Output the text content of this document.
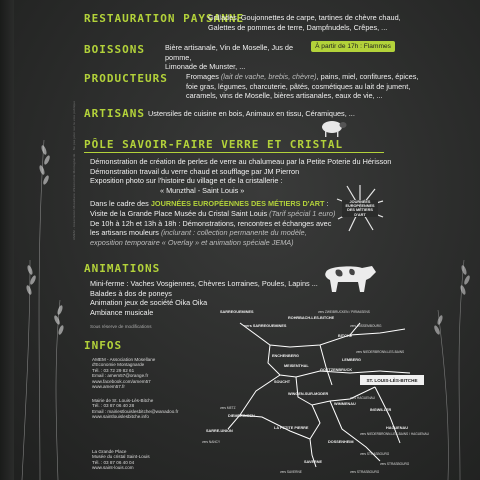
AMEM - Association Mosellane d'Economie Montagnarde · Ne pas jeter sur la voie publique
RESTAURATION PAYSANNE
Grillades, Goujonnettes de carpe, tartines de chèvre chaud,
Galettes de pommes de terre, Dampfnudels, Crêpes, ...
BOISSONS	Bière artisanale, Vin de Moselle, Jus de pomme,
Limonade de Munster, ...
À partir de 17h : Flammes
PRODUCTEURS Fromages (lait de vache, brebis, chèvre), pains, miel, confitures, épices,
foie gras, légumes, charcuterie, pâtés, cosmétiques au lait de jument,
caramels, vins de Moselle, bières artisanales, eaux de vie, ...
ARTISANS Ustensiles de cuisine en bois, Animaux en tissu, Céramiques, ...
PÔLE SAVOIR-FAIRE VERRE ET CRISTAL
Démonstration de création de perles de verre au chalumeau par la Petite Poterie du Hérisson
Démonstration travail du verre chaud et soufflage par JM Pierron
Exposition photo sur l'histoire du village et de la cristallerie :
« Munzthal - Saint Louis »
Dans le cadre des JOURNÉES EUROPÉENNES DES MÉTIERS D'ART :
Visite de la Grande Place Musée du Cristal Saint Louis (Tarif spécial 1 euro)
De 10h à 12h et 13h à 18h : Démonstrations, rencontres et échanges avec
les artisans mouleurs (inclurant : collection permanente du modèle,
exposition temporaire « Overlay » et animation spéciale JEMA)
JOURNÉES
EUROPÉENNES
DES MÉTIERS
D'ART
ANIMATIONS
Mini-ferme : Vaches Vosgiennes, Chèvres Lorraines, Poules, Lapins ...
Balades à dos de poneys
Animation jeux de société Oika Oika
Ambiance musicale
Sous réserve de modifications
INFOS
AMEM - Association Mosellane
d'Economie Montagnarde
Tél. : 03 72 29 82 61
Email : amem57@orange.fr
www.facebook.com/amem57
www.amem57.fr
Mairie de St. Louis-Lès-Bitche
Tél. : 03 87 06 40 28
Email : mairiestlouislesbitche@wanadoo.fr
www.saintlouislesbitche.info
La Grande Place
Musée du cristal Saint-Louis
Tél. : 03 87 06 40 04
www.saint-louis.com
ST. LOUIS-LÈS-BITCHE
vers SARREGUEMINES
ROHRBACH-LES-BITCHE
BITCHE
LEMBERG
ENCHENBERG
GOETZENBRUCK
MEISENTHAL
SOUCHT
WINGEN-SUR-MODER
WIMMENAU
INGWILLER
DIEMERINGEN
SARRE-UNION
LA PETITE PIERRE
SAVERNE
DOSSENHEIM
HAGUENAU
SARREGUEMINES
vers NANCY
vers METZ
vers STRASBOURG
vers WISSEMBOURG
vers NIEDERBRONN-LES-BAINS
vers ZWEIBRUCKEN / PIRMASENS
vers HAGUENAU
vers STRASBOURG
vers SAVERNE
vers NIEDERBRONN-LES-BAINS / HAGUENAU
vers STRASBOURG
